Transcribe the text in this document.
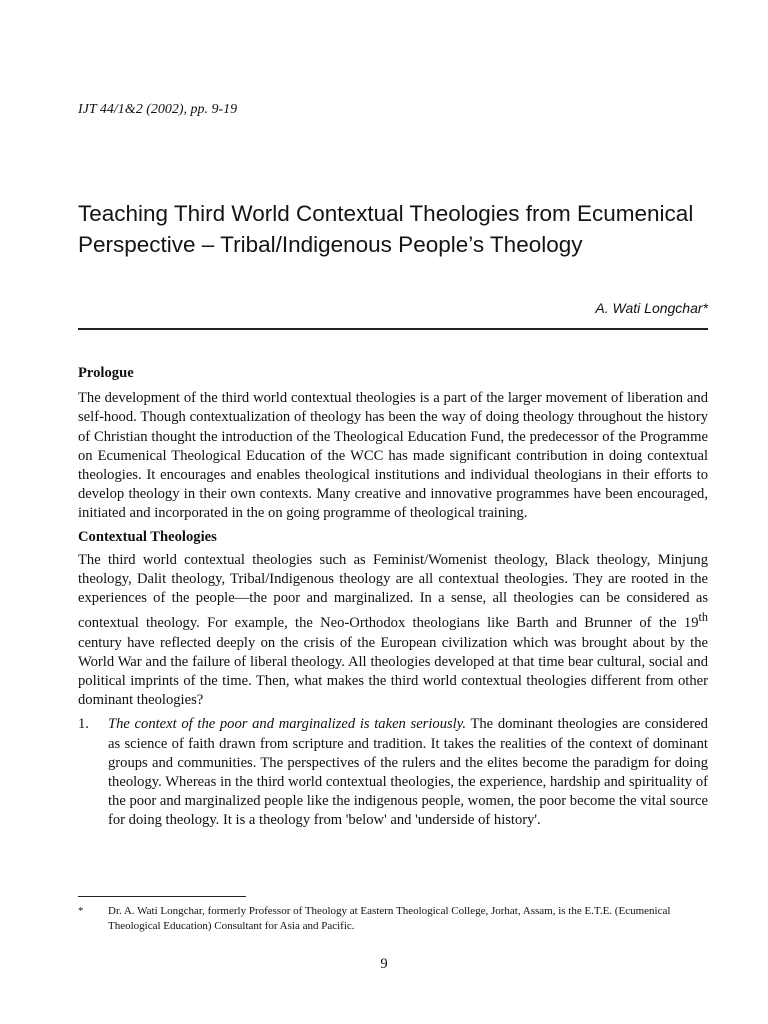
IJT 44/1&2 (2002), pp. 9-19
Teaching Third World Contextual Theologies from Ecumenical Perspective – Tribal/Indigenous People’s Theology
A. Wati Longchar*
Prologue

The development of the third world contextual theologies is a part of the larger movement of liberation and self-hood. Though contextualization of theology has been the way of doing theology throughout the history of Christian thought the introduction of the Theological Education Fund, the predecessor of the Programme on Ecumenical Theological Education of the WCC has made significant contribution in doing contextual theologies. It encourages and enables theological institutions and individual theologians in their efforts to develop theology in their own contexts. Many creative and innovative programmes have been encouraged, initiated and incorporated in the on going programme of theological training.

Contextual Theologies

The third world contextual theologies such as Feminist/Womenist theology, Black theology, Minjung theology, Dalit theology, Tribal/Indigenous theology are all contextual theologies. They are rooted in the experiences of the people—the poor and marginalized. In a sense, all theologies can be considered as contextual theology. For example, the Neo-Orthodox theologians like Barth and Brunner of the 19th century have reflected deeply on the crisis of the European civilization which was brought about by the World War and the failure of liberal theology. All theologies developed at that time bear cultural, social and political imprints of the time. Then, what makes the third world contextual theologies different from other dominant theologies?

1.	The context of the poor and marginalized is taken seriously. The dominant theologies are considered as science of faith drawn from scripture and tradition. It takes the realities of the context of dominant groups and communities. The perspectives of the rulers and the elites become the paradigm for doing theology. Whereas in the third world contextual theologies, the experience, hardship and spirituality of the poor and marginalized people like the indigenous people, women, the poor become the vital source for doing theology. It is a theology from 'below' and 'underside of history'.
*	Dr. A. Wati Longchar, formerly Professor of Theology at Eastern Theological College, Jorhat, Assam, is the E.T.E. (Ecumenical Theological Education) Consultant for Asia and Pacific.
9
